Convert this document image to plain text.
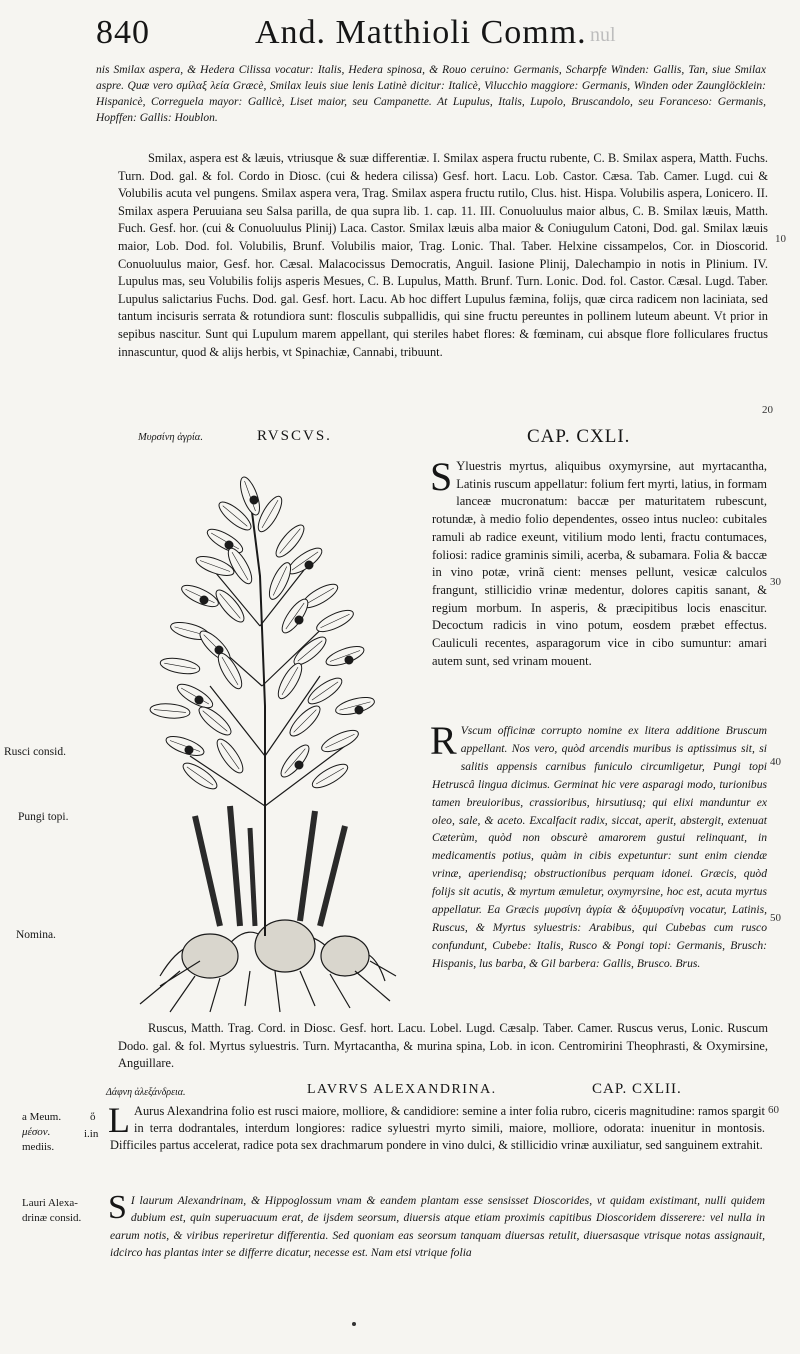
840	And. Matthioli Comm. nul
nis Smilax aspera, & Hedera Cilissa vocatur: Italis, Hedera spinosa, & Rouo ceruino: Germanis, Scharpfe Winden: Gallis, Tan, siue Smilax aspre. Quæ vero σμίλαξ λεία Græcè, Smilax leuis siue lenis Latinè dicitur: Italicè, Vilucchio maggiore: Germanis, Winden oder Zaunglöcklein: Hispanicè, Correguela mayor: Gallicè, Liset maior, seu Campanette. At Lupulus, Italis, Lupolo, Bruscandolo, seu Foranceso: Germanis, Hopffen: Gallis: Houblon.
Smilax, aspera est & læuis, vtriusque & suæ differentiæ. I. Smilax aspera fructu rubente, C. B. Smilax aspera, Matth. Fuchs. Turn. Dod. gal. & fol. Cordo in Diosc. (cui & hedera cilissa) Gesf. hort. Lacu. Lob. Castor. Cæsa. Tab. Camer. Lugd. cui & Volubilis acuta vel pungens. Smilax aspera vera, Trag. Smilax aspera fructu rutilo, Clus. hist. Hispa. Volubilis aspera, Lonicero. II. Smilax aspera Peruuiana seu Salsa parilla, de qua supra lib. 1. cap. 11. III. Conuoluulus maior albus, C. B. Smilax læuis, Matth. Fuch. Gesf. hor. (cui & Conuoluulus Plinij) Laca. Castor. Smilax læuis alba maior & Coniugulum Catoni, Dod. gal. Smilax læuis maior, Lob. Dod. fol. Volubilis, Brunf. Volubilis maior, Trag. Lonic. Thal. Taber. Helxine cissampelos, Cor. in Dioscorid. Conuoluulus maior, Gesf. hor. Cæsal. Malacocissus Democratis, Anguil. Iasione Plinij, Dalechampio in notis in Plinium. IV. Lupulus mas, seu Volubilis folijs asperis Mesues, C. B. Lupulus, Matth. Brunf. Turn. Lonic. Dod. fol. Castor. Cæsal. Lugd. Taber. Lupulus salictarius Fuchs. Dod. gal. Gesf. hort. Lacu. Ab hoc differt Lupulus fæmina, folijs, quæ circa radicem non laciniata, sed tantum incisuris serrata & rotundiora sunt: flosculis subpallidis, qui sine fructu pereuntes in pollinem luteum abeunt. Vt prior in sepibus nascitur. Sunt qui Lupulum marem appellant, qui steriles habet flores: & fœminam, cui absque flore folliculares fructus innascuntur, quod & alijs herbis, vt Spinachiæ, Cannabi, tribuunt.
10
20
30
40
50
60
Μυρσίνη ἀγρία.	RVSCVS.	CAP. CXLI.
S Yluestris myrtus, aliquibus oxymyrsine, aut myrtacantha, Latinis ruscum appellatur: folium fert myrti, latius, in formam lanceæ mucronatum: baccæ per maturitatem rubescunt, rotundæ, à medio folio dependentes, osseo intus nucleo: cubitales ramuli ab radice exeunt, vitilium modo lenti, fractu contumaces, foliosi: radice graminis simili, acerba, & subamara. Folia & baccæ in vino potæ, vrinã cient: menses pellunt, vesicæ calculos frangunt, stillicidio vrinæ medentur, dolores capitis sanant, & regium morbum. In asperis, & præcipitibus locis enascitur. Decoctum radicis in vino potum, eosdem præbet effectus. Cauliculi recentes, asparagorum vice in cibo sumuntur: amari autem sunt, sed vrinam mouent.
R Vscum officinæ corrupto nomine ex litera additione Bruscum appellant. Nos vero, quòd arcendis muribus is aptissimus sit, si salitis appensis carnibus funiculo circumligetur, Pungi topi Hetruscâ lingua dicimus. Germinat hic vere asparagi modo, turionibus tamen breuioribus, crassioribus, hirsutiusq; qui elixi manduntur ex oleo, sale, & aceto. Excalfacit radix, siccat, aperit, abstergit, extenuat Cæterùm, quòd non obscurè amarorem gustui relinquant, in medicamentis potius, quàm in cibis expetuntur: sunt enim ciendæ vrinæ, aperiendisq; obstructionibus perquam idonei. Græcis, quòd folijs sit acutis, & myrtum æmuletur, oxymyrsine, hoc est, acuta myrtus appellatur. Ea Græcis μυρσίνη ἀγρία & ὀξυμυρσίνη vocatur, Latinis, Ruscus, & Myrtus syluestris: Arabibus, qui Cubebas cum rusco confundunt, Cubebe: Italis, Rusco & Pongi topi: Germanis, Brusch: Hispanis, lus barba, & Gil barbera: Gallis, Brusco. Brus.
Rusci consid.
Pungi topi.
Nomina.
Ruscus, Matth. Trag. Cord. in Diosc. Gesf. hort. Lacu. Lobel. Lugd. Cæsalp. Taber. Camer. Ruscus verus, Lonic. Ruscum Dodo. gal. & fol. Myrtus syluestris. Turn. Myrtacantha, & murina spina, Lob. in icon. Centromirini Theophrasti, & Oxymirsine, Anguillare.
Δάφνη ἀλεξάνδρεια.	LAVRVS ALEXANDRINA.	CAP. CXLII.
a Meum.
μέσον.
mediis.
ὅ
i.in L Aurus Alexandrina folio est rusci maiore, molliore, & candidiore: semine a inter folia rubro, ciceris magnitudine: ramos spargit in terra dodrantales, interdum longiores: radice syluestri myrto simili, maiore, molliore, odorata: inuenitur in montosis. Difficiles partus accelerat, radice pota sex drachmarum pondere in vino dulci, & stillicidio vrinæ auxiliatur, sed sanguinem extrahit.
Lauri Alexa-
drinæ consid. S I laurum Alexandrinam, & Hippoglossum vnam & eandem plantam esse sensisset Dioscorides, vt quidam existimant, nulli quidem dubium est, quin superuacuum erat, de ijsdem seorsum, diuersis atque etiam proximis capitibus Dioscoridem disserere: vel nulla in earum notis, & viribus reperiretur differentia. Sed quoniam eas seorsum tanquam diuersas retulit, diuersasque vtrisque notas assignauit, idcirco has plantas inter se differre dicatur, necesse est. Nam etsi vtrique folia
